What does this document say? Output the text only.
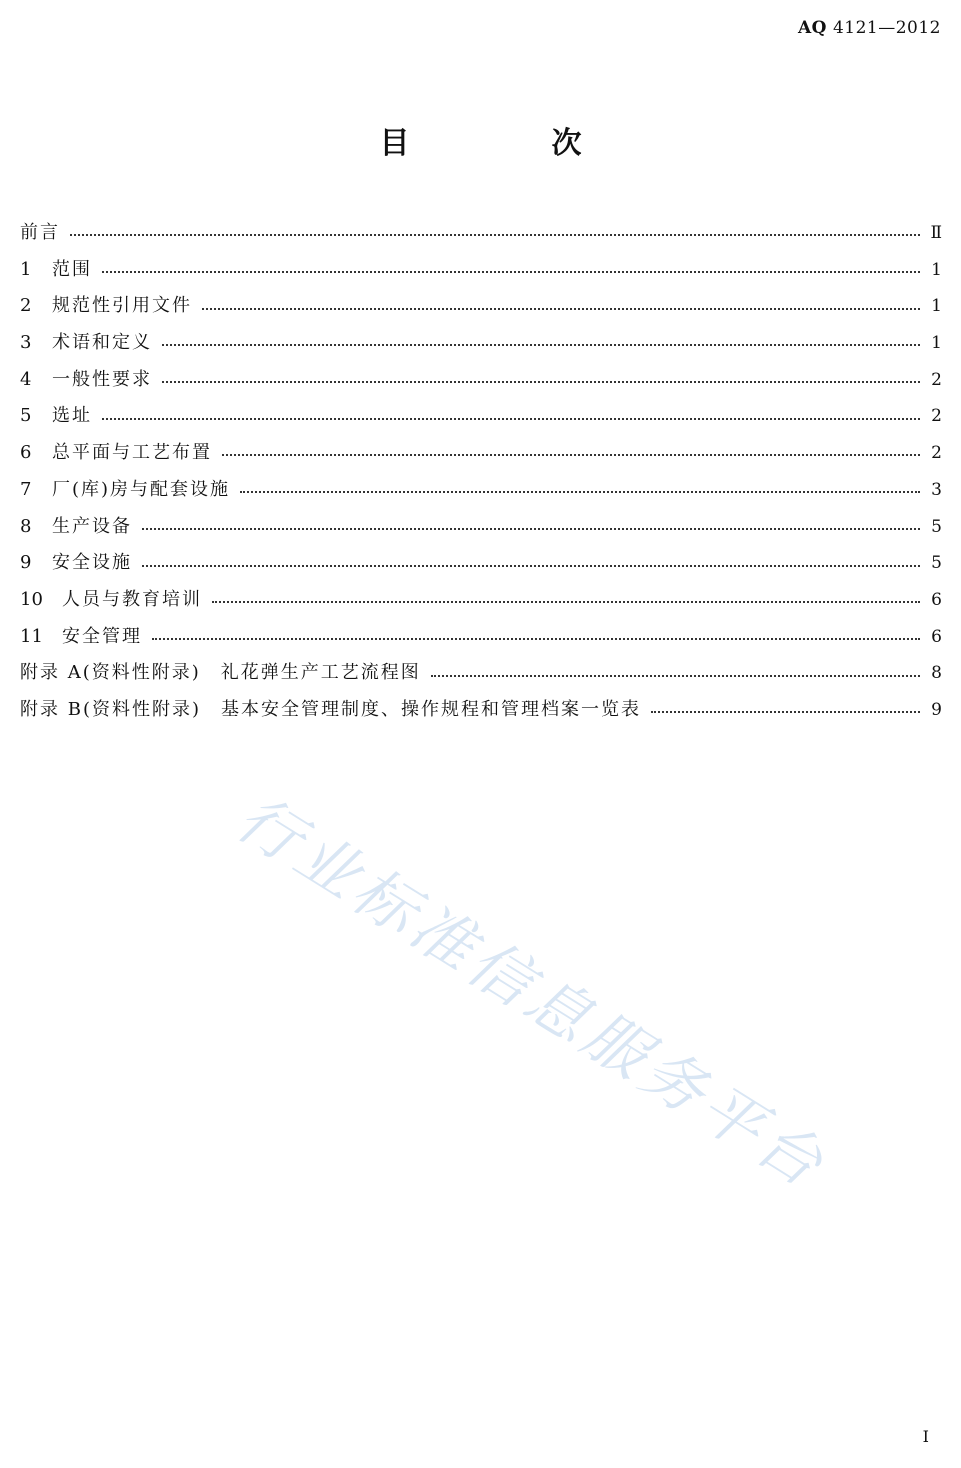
AQ 4121—2012
目　次
前言	Ⅱ
1	范围	1
2	规范性引用文件	1
3	术语和定义	1
4	一般性要求	2
5	选址	2
6	总平面与工艺布置	2
7	厂(库)房与配套设施	3
8	生产设备	5
9	安全设施	5
10	人员与教育培训	6
11	安全管理	6
附录 A(资料性附录)　礼花弹生产工艺流程图	8
附录 B(资料性附录)　基本安全管理制度、操作规程和管理档案一览表	9
行业标准信息服务平台
I
